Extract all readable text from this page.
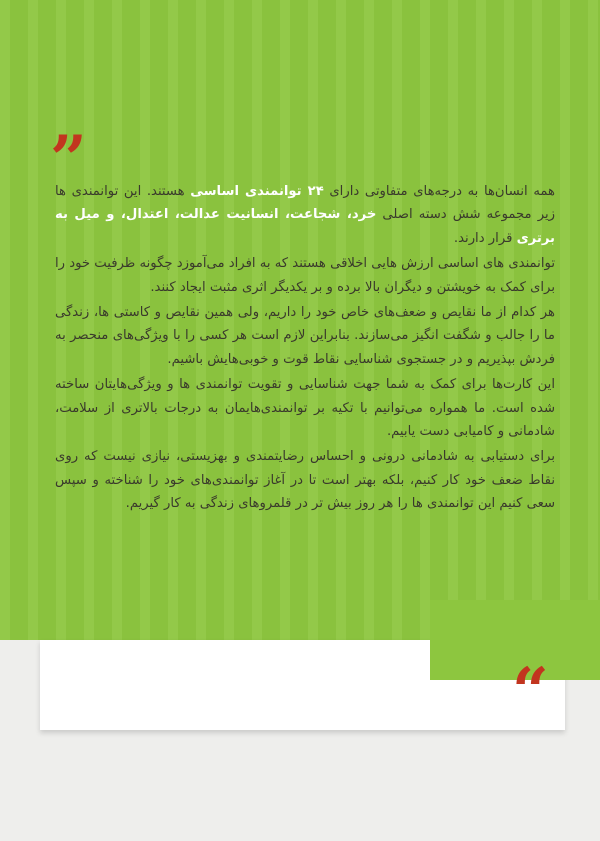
”	همه انسان‌ها به درجه‌های متفاوتی دارای ۲۴ توانمندی اساسی هستند. این توانمندی ها زیر مجموعه شش دسته اصلی خرد، شجاعت، انسانیت عدالت، اعتدال، و میل به برتری قرار دارند.

توانمندی های اساسی ارزش هایی اخلاقی هستند که به افراد می‌آموزد چگونه ظرفیت خود را برای کمک به خویشتن و دیگران بالا برده و بر یکدیگر اثری مثبت ایجاد کنند.

هر کدام از ما نقایص و ضعف‌های خاص خود را داریم، ولی همین نقایص و کاستی ها، زندگی ما را جالب و شگفت انگیز می‌سازند. بنابراین لازم است هر کسی را با ویژگی‌های منحصر به فردش بپذیریم و در جستجوی شناسایی نقاط قوت و خوبی‌هایش باشیم.

این کارت‌ها برای کمک به شما جهت شناسایی و تقویت توانمندی ها و ویژگی‌هایتان ساخته شده است. ما همواره می‌توانیم با تکیه بر توانمندی‌هایمان به درجات بالاتری از سلامت، شادمانی و کامیابی دست یابیم.

برای دستیابی به شادمانی درونی و احساس رضایتمندی و بهزیستی، نیازی نیست که روی نقاط ضعف خود کار کنیم، بلکه بهتر است تا در آغاز توانمندی‌های خود را شناخته و سپس سعی کنیم این توانمندی ها را هر روز بیش تر در قلمروهای زندگی به کار گیریم.

“
